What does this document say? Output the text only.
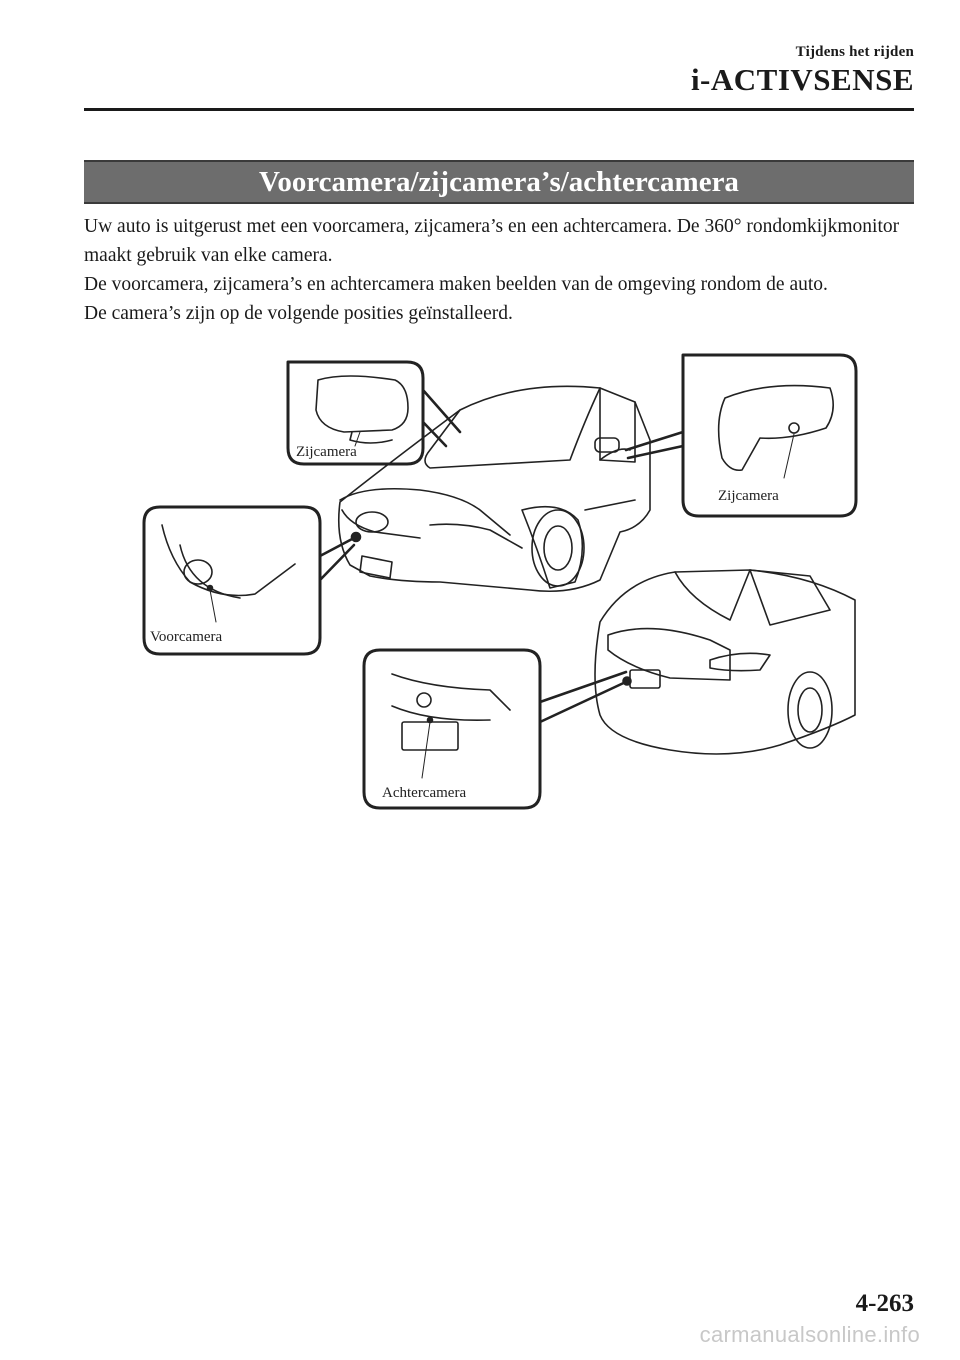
Tijdens het rijden
i-ACTIVSENSE
Voorcamera/zijcamera’s/achtercamera

Uw auto is uitgerust met een voorcamera, zijcamera’s en een achtercamera. De 360° rondomkijkmonitor maakt gebruik van elke camera.

De voorcamera, zijcamera’s en achtercamera maken beelden van de omgeving rondom de auto.

De camera’s zijn op de volgende posities geïnstalleerd.

Zijcamera
Zijcamera
Voorcamera
Achtercamera
4-263
carmanualsonline.info
